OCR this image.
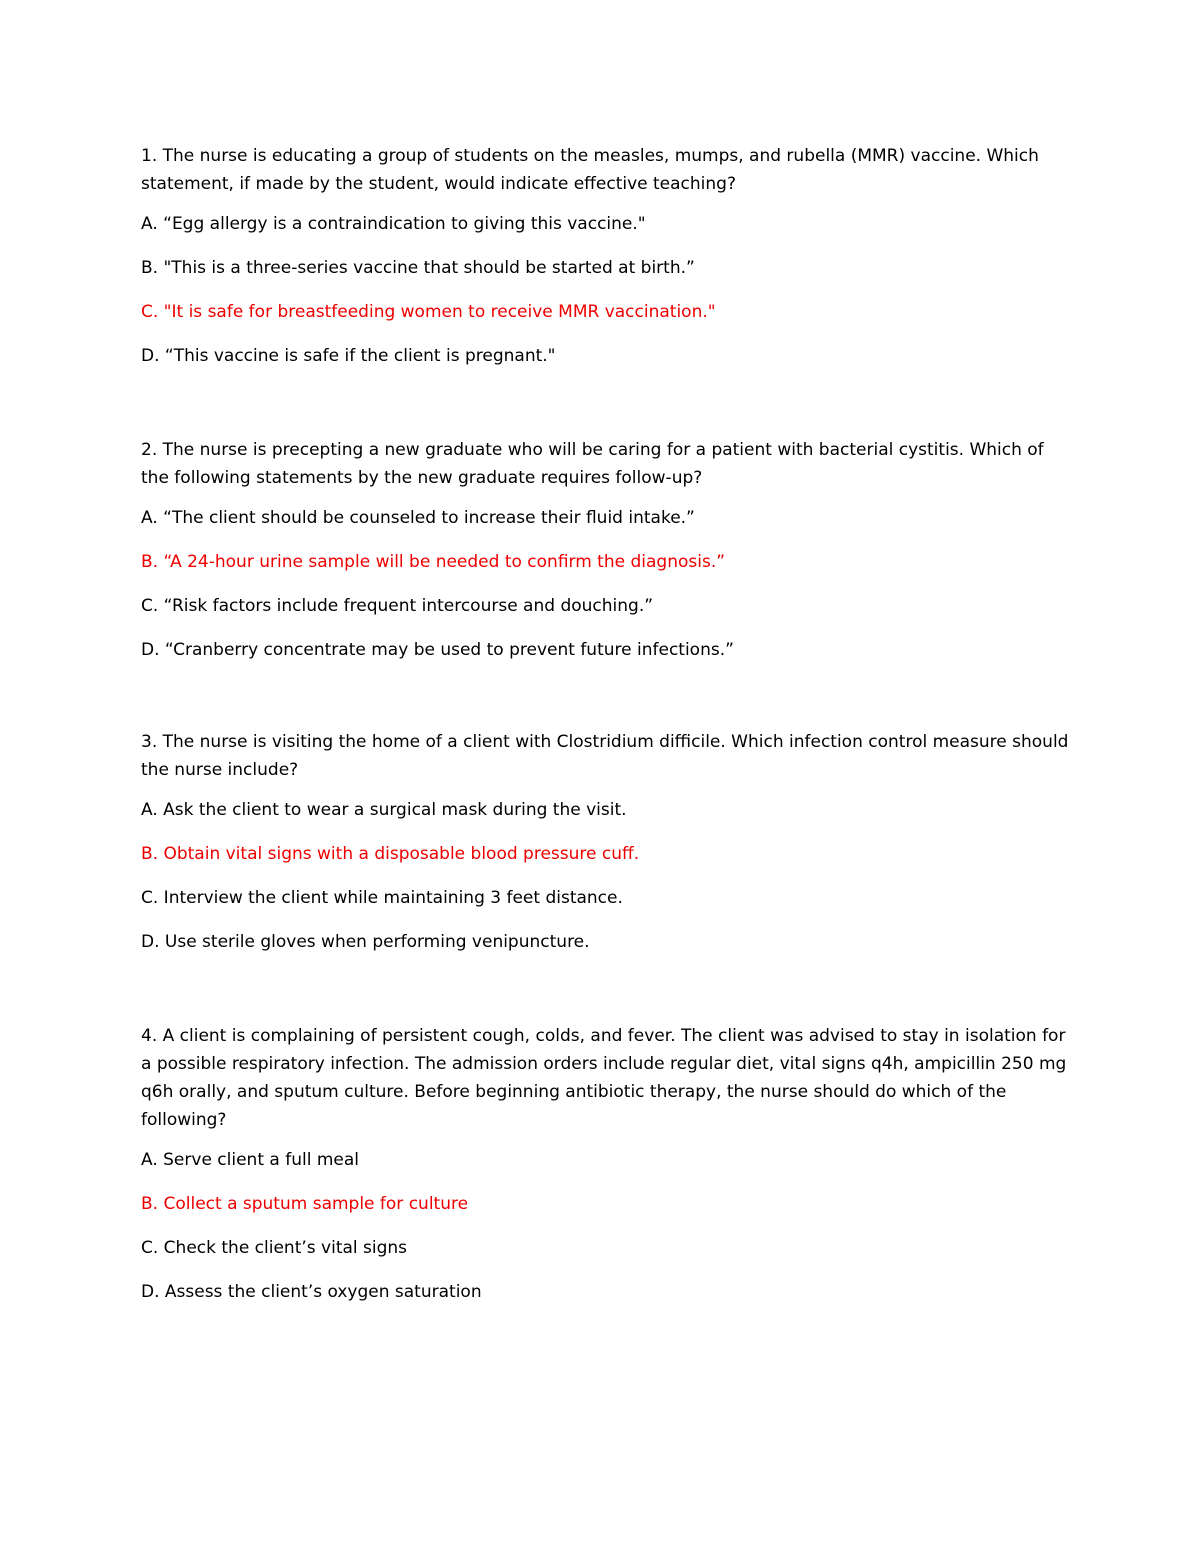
1. The nurse is educating a group of students on the measles, mumps, and rubella (MMR) vaccine. Which statement, if made by the student, would indicate effective teaching?

A. “Egg allergy is a contraindication to giving this vaccine."
B. "This is a three-series vaccine that should be started at birth.”
C. "It is safe for breastfeeding women to receive MMR vaccination."
D. “This vaccine is safe if the client is pregnant."

2. The nurse is precepting a new graduate who will be caring for a patient with bacterial cystitis. Which of the following statements by the new graduate requires follow-up?

A. “The client should be counseled to increase their fluid intake.”
B. “A 24-hour urine sample will be needed to confirm the diagnosis.”
C. “Risk factors include frequent intercourse and douching.”
D. “Cranberry concentrate may be used to prevent future infections.”

3. The nurse is visiting the home of a client with Clostridium difficile. Which infection control measure should the nurse include?

A. Ask the client to wear a surgical mask during the visit.
B. Obtain vital signs with a disposable blood pressure cuff.
C. Interview the client while maintaining 3 feet distance.
D. Use sterile gloves when performing venipuncture.

4. A client is complaining of persistent cough, colds, and fever. The client was advised to stay in isolation for a possible respiratory infection. The admission orders include regular diet, vital signs q4h, ampicillin 250 mg q6h orally, and sputum culture. Before beginning antibiotic therapy, the nurse should do which of the following?

A. Serve client a full meal
B. Collect a sputum sample for culture
C. Check the client’s vital signs
D. Assess the client’s oxygen saturation
